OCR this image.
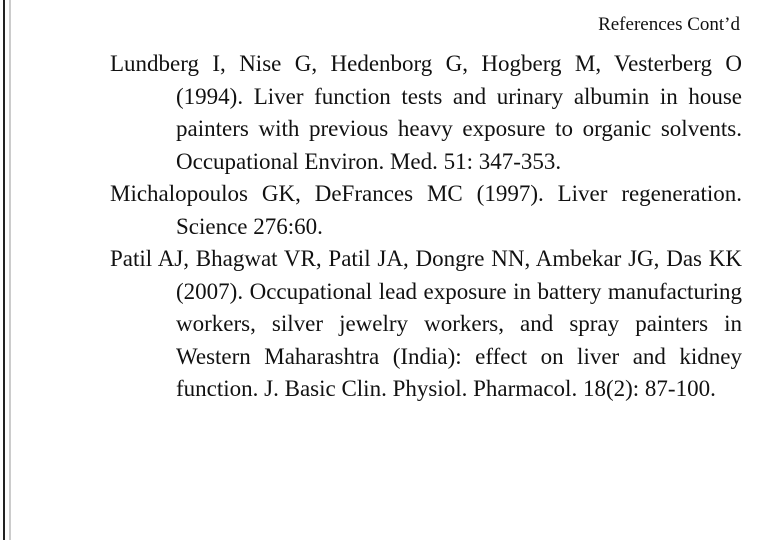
References Cont’d

Lundberg I, Nise G, Hedenborg G, Hogberg M, Vesterberg O (1994). Liver function tests and urinary albumin in house painters with previous heavy exposure to organic solvents. Occupational Environ. Med. 51: 347-353.

Michalopoulos GK, DeFrances MC (1997). Liver regeneration. Science 276:60.

Patil AJ, Bhagwat VR, Patil JA, Dongre NN, Ambekar JG, Das KK (2007). Occupational lead exposure in battery manufacturing workers, silver jewelry workers, and spray painters in Western Maharashtra (India): effect on liver and kidney function. J. Basic Clin. Physiol. Pharmacol. 18(2): 87-100.
